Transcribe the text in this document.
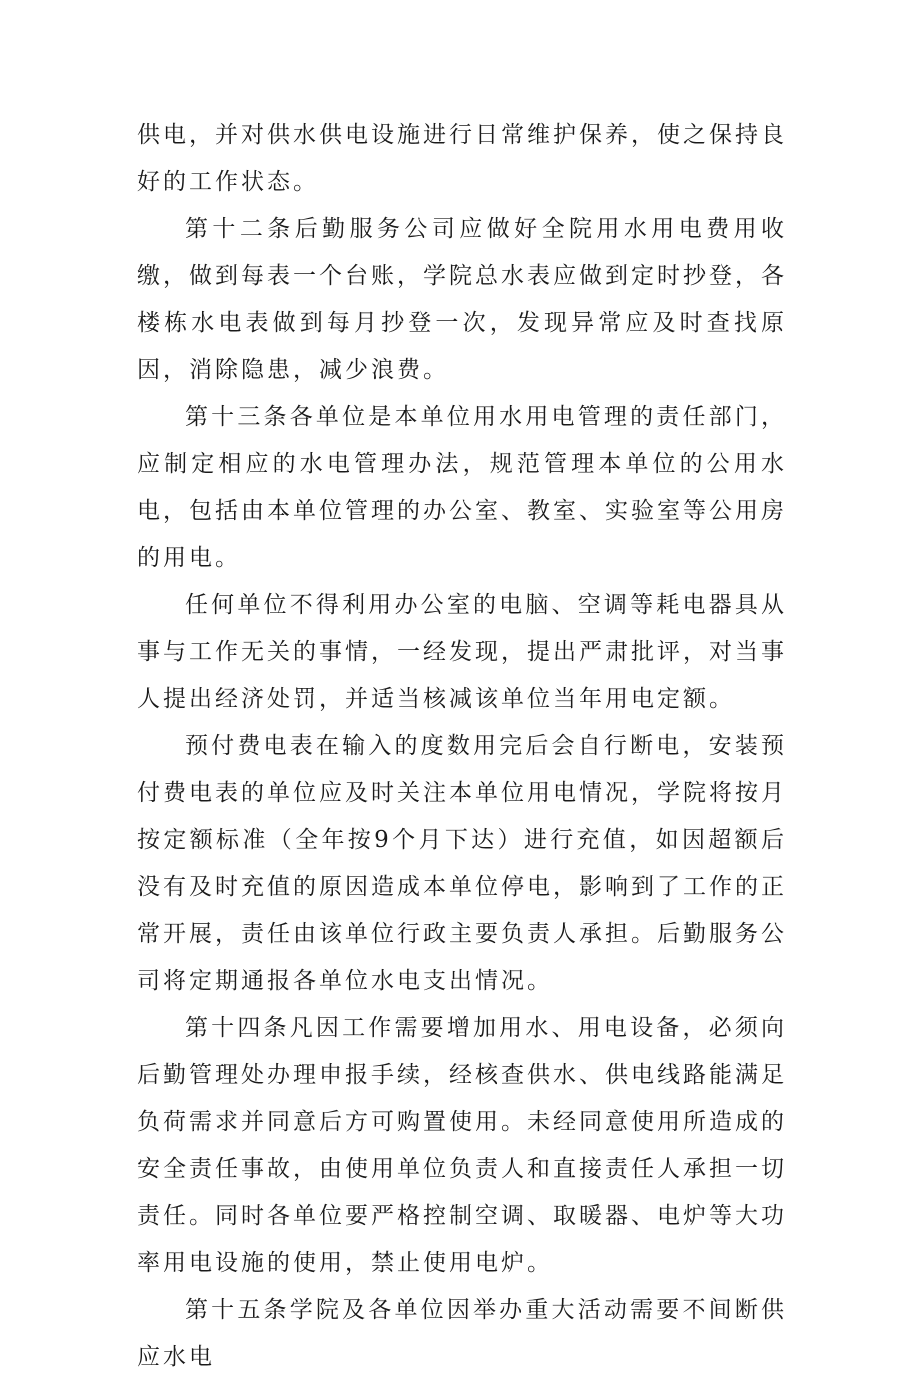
供电，并对供水供电设施进行日常维护保养，使之保持良好的工作状态。

第十二条后勤服务公司应做好全院用水用电费用收缴，做到每表一个台账，学院总水表应做到定时抄登，各楼栋水电表做到每月抄登一次，发现异常应及时查找原因，消除隐患，减少浪费。

第十三条各单位是本单位用水用电管理的责任部门，应制定相应的水电管理办法，规范管理本单位的公用水电，包括由本单位管理的办公室、教室、实验室等公用房的用电。

任何单位不得利用办公室的电脑、空调等耗电器具从事与工作无关的事情，一经发现，提出严肃批评，对当事人提出经济处罚，并适当核减该单位当年用电定额。

预付费电表在输入的度数用完后会自行断电，安装预付费电表的单位应及时关注本单位用电情况，学院将按月按定额标准（全年按9个月下达）进行充值，如因超额后没有及时充值的原因造成本单位停电，影响到了工作的正常开展，责任由该单位行政主要负责人承担。后勤服务公司将定期通报各单位水电支出情况。

第十四条凡因工作需要增加用水、用电设备，必须向后勤管理处办理申报手续，经核查供水、供电线路能满足负荷需求并同意后方可购置使用。未经同意使用所造成的安全责任事故，由使用单位负责人和直接责任人承担一切责任。同时各单位要严格控制空调、取暖器、电炉等大功率用电设施的使用，禁止使用电炉。

第十五条学院及各单位因举办重大活动需要不间断供应水电
